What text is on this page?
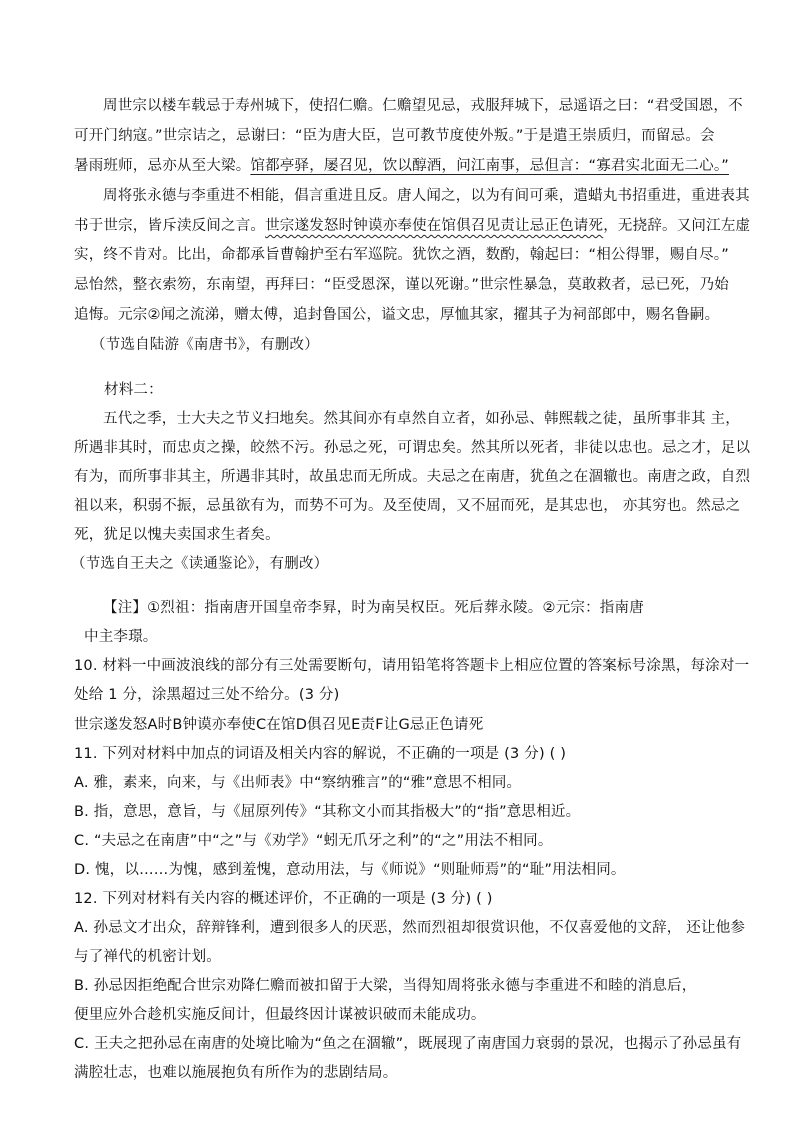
周世宗以楼车载忌于寿州城下，使招仁赡。仁赡望见忌，戎服拜城下，忌遥语之曰：“君受国恩，不
可开门纳寇。”世宗诘之，忌谢曰：“臣为唐大臣，岂可教节度使外叛。”于是遣王崇质归，而留忌。会
暑雨班师，忌亦从至大梁。馆都亭驿，屡召见，饮以醇酒，问江南事，忌但言：“寡君实北面无二心。”
周将张永德与李重进不相能，倡言重进且反。唐人闻之，以为有间可乘，遣蜡丸书招重进，重进表其
书于世宗，皆斥渎反间之言。世宗遂发怒时钟谟亦奉使在馆俱召见责让忌正色请死，无挠辞。又问江左虚
实，终不肯对。比出，命都承旨曹翰护至右军巡院。犹饮之酒，数酌，翰起曰：“相公得罪，赐自尽。”
忌怡然，整衣索笏，东南望，再拜曰：“臣受恩深，谨以死谢。”世宗性暴急，莫敢救者，忌已死，乃始
追悔。元宗②闻之流涕，赠太傅，追封鲁国公，谥文忠，厚恤其家，擢其子为祠部郎中，赐名鲁嗣。
（节选自陆游《南唐书》，有删改）
材料二：
五代之季，士大夫之节义扫地矣。然其间亦有卓然自立者，如孙忌、韩熙载之徒，虽所事非其 主，
所遇非其时，而忠贞之操，皎然不污。孙忌之死，可谓忠矣。然其所以死者，非徒以忠也。忌之才，足以
有为，而所事非其主，所遇非其时，故虽忠而无所成。夫忌之在南唐，犹鱼之在涸辙也。南唐之政，自烈
祖以来，积弱不振，忌虽欲有为，而势不可为。及至使周，又不屈而死，是其忠也， 亦其穷也。然忌之
死，犹足以愧夫卖国求生者矣。
（节选自王夫之《读通鉴论》，有删改）
【注】①烈祖：指南唐开国皇帝李昪，时为南吴权臣。死后葬永陵。②元宗：指南唐
中主李璟。
10. 材料一中画波浪线的部分有三处需要断句，请用铅笔将答题卡上相应位置的答案标号涂黑，每涂对一
处给 1 分，涂黑超过三处不给分。(3 分)
世宗遂发怒A时B钟谟亦奉使C在馆D俱召见E责F让G忌正色请死
11. 下列对材料中加点的词语及相关内容的解说，不正确的一项是 (3 分) ( )
A. 雅，素来，向来，与《出师表》中“察纳雅言”的“雅”意思不相同。
B. 指，意思，意旨，与《屈原列传》“其称文小而其指极大”的“指”意思相近。
C. “夫忌之在南唐”中“之”与《劝学》“蚓无爪牙之利”的“之”用法不相同。
D. 愧，以……为愧，感到羞愧，意动用法，与《师说》“则耻师焉”的“耻”用法相同。
12. 下列对材料有关内容的概述评价，不正确的一项是 (3 分) ( )
A. 孙忌文才出众，辞辩锋利，遭到很多人的厌恶，然而烈祖却很赏识他，不仅喜爱他的文辞， 还让他参
与了禅代的机密计划。
B. 孙忌因拒绝配合世宗劝降仁赡而被扣留于大梁，当得知周将张永德与李重进不和睦的消息后，
便里应外合趁机实施反间计，但最终因计谋被识破而未能成功。
C. 王夫之把孙忌在南唐的处境比喻为“鱼之在涸辙”，既展现了南唐国力衰弱的景况，也揭示了孙忌虽有
满腔壮志，也难以施展抱负有所作为的悲剧结局。
